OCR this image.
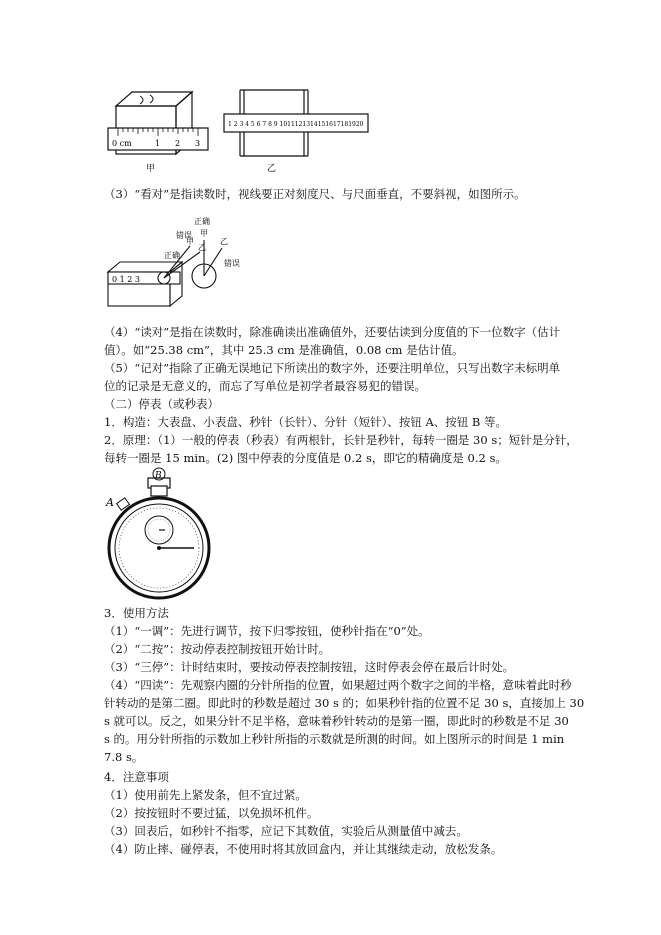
0 cm	1 2 3
甲
1 2 3 4 5 6 7 8 9 1011121314151617181920
乙
（3）“看对”是指读数时，视线要正对刻度尺、与尺面垂直，不要斜视，如图所示。
0 1 2 3
正确
甲
错误
乙
正确
甲
乙
错误
（4）“读对”是指在读数时，除准确读出准确值外，还要估读到分度值的下一位数字（估计
值）。如“25.38 cm”，其中 25.3 cm 是准确值，0.08 cm 是估计值。
（5）“记对”指除了正确无误地记下所读出的数字外，还要注明单位，只写出数字未标明单
位的记录是无意义的，而忘了写单位是初学者最容易犯的错误。
（二）停表（或秒表）
1．构造：大表盘、小表盘、秒针（长针）、分针（短针）、按钮 A、按钮 B 等。
2．原理：（1）一般的停表（秒表）有两根针，长针是秒针，每转一圈是 30 s；短针是分针，
每转一圈是 15 min。(2) 图中停表的分度值是 0.2 s，即它的精确度是 0.2 s。
A
B
3．使用方法
（1）“一调”：先进行调节，按下归零按钮，使秒针指在“0”处。
（2）“二按”：按动停表控制按钮开始计时。
（3）“三停”：计时结束时，要按动停表控制按钮，这时停表会停在最后计时处。
（4）“四读”：先观察内圈的分针所指的位置，如果超过两个数字之间的半格，意味着此时秒
针转动的是第二圈。即此时的秒数是超过 30 s 的；如果秒针指的位置不足 30 s，直接加上 30
s 就可以。反之，如果分针不足半格，意味着秒针转动的是第一圈，即此时的秒数是不足 30
s 的。用分针所指的示数加上秒针所指的示数就是所测的时间。如上图所示的时间是 1 min
7.8 s。
4．注意事项
（1）使用前先上紧发条，但不宜过紧。
（2）按按钮时不要过猛，以免损坏机件。
（3）回表后，如秒针不指零，应记下其数值，实验后从测量值中减去。
（4）防止摔、碰停表，不使用时将其放回盒内，并让其继续走动，放松发条。
